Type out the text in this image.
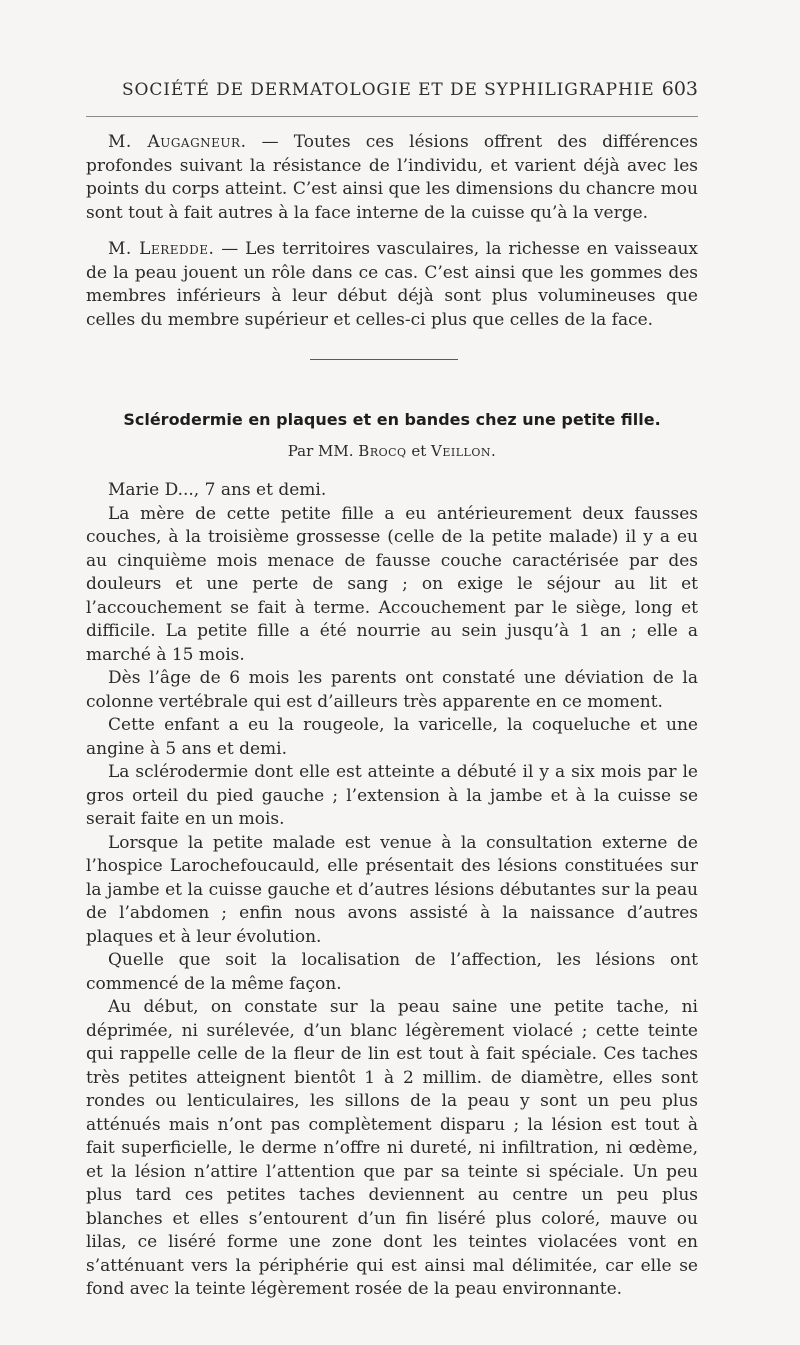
SOCIÉTÉ DE DERMATOLOGIE ET DE SYPHILIGRAPHIE 603

M. Augagneur. — Toutes ces lésions offrent des différences profondes suivant la résistance de l’individu, et varient déjà avec les points du corps atteint. C’est ainsi que les dimensions du chancre mou sont tout à fait autres à la face interne de la cuisse qu’à la verge.

M. Leredde. — Les territoires vasculaires, la richesse en vaisseaux de la peau jouent un rôle dans ce cas. C’est ainsi que les gommes des membres inférieurs à leur début déjà sont plus volumineuses que celles du membre supérieur et celles-ci plus que celles de la face.

Sclérodermie en plaques et en bandes chez une petite fille.
Par MM. Brocq et Veillon.

Marie D..., 7 ans et demi.

La mère de cette petite fille a eu antérieurement deux fausses couches, à la troisième grossesse (celle de la petite malade) il y a eu au cinquième mois menace de fausse couche caractérisée par des douleurs et une perte de sang ; on exige le séjour au lit et l’accouchement se fait à terme. Accouchement par le siège, long et difficile. La petite fille a été nourrie au sein jusqu’à 1 an ; elle a marché à 15 mois.

Dès l’âge de 6 mois les parents ont constaté une déviation de la colonne vertébrale qui est d’ailleurs très apparente en ce moment.

Cette enfant a eu la rougeole, la varicelle, la coqueluche et une angine à 5 ans et demi.

La sclérodermie dont elle est atteinte a débuté il y a six mois par le gros orteil du pied gauche ; l’extension à la jambe et à la cuisse se serait faite en un mois.

Lorsque la petite malade est venue à la consultation externe de l’hospice Larochefoucauld, elle présentait des lésions constituées sur la jambe et la cuisse gauche et d’autres lésions débutantes sur la peau de l’abdomen ; enfin nous avons assisté à la naissance d’autres plaques et à leur évolution.

Quelle que soit la localisation de l’affection, les lésions ont commencé de la même façon.

Au début, on constate sur la peau saine une petite tache, ni déprimée, ni surélevée, d’un blanc légèrement violacé ; cette teinte qui rappelle celle de la fleur de lin est tout à fait spéciale. Ces taches très petites atteignent bientôt 1 à 2 millim. de diamètre, elles sont rondes ou lenticulaires, les sillons de la peau y sont un peu plus atténués mais n’ont pas complètement disparu ; la lésion est tout à fait superficielle, le derme n’offre ni dureté, ni infiltration, ni œdème, et la lésion n’attire l’attention que par sa teinte si spéciale. Un peu plus tard ces petites taches deviennent au centre un peu plus blanches et elles s’entourent d’un fin liséré plus coloré, mauve ou lilas, ce liséré forme une zone dont les teintes violacées vont en s’atténuant vers la périphérie qui est ainsi mal délimitée, car elle se fond avec la teinte légèrement rosée de la peau environnante.
